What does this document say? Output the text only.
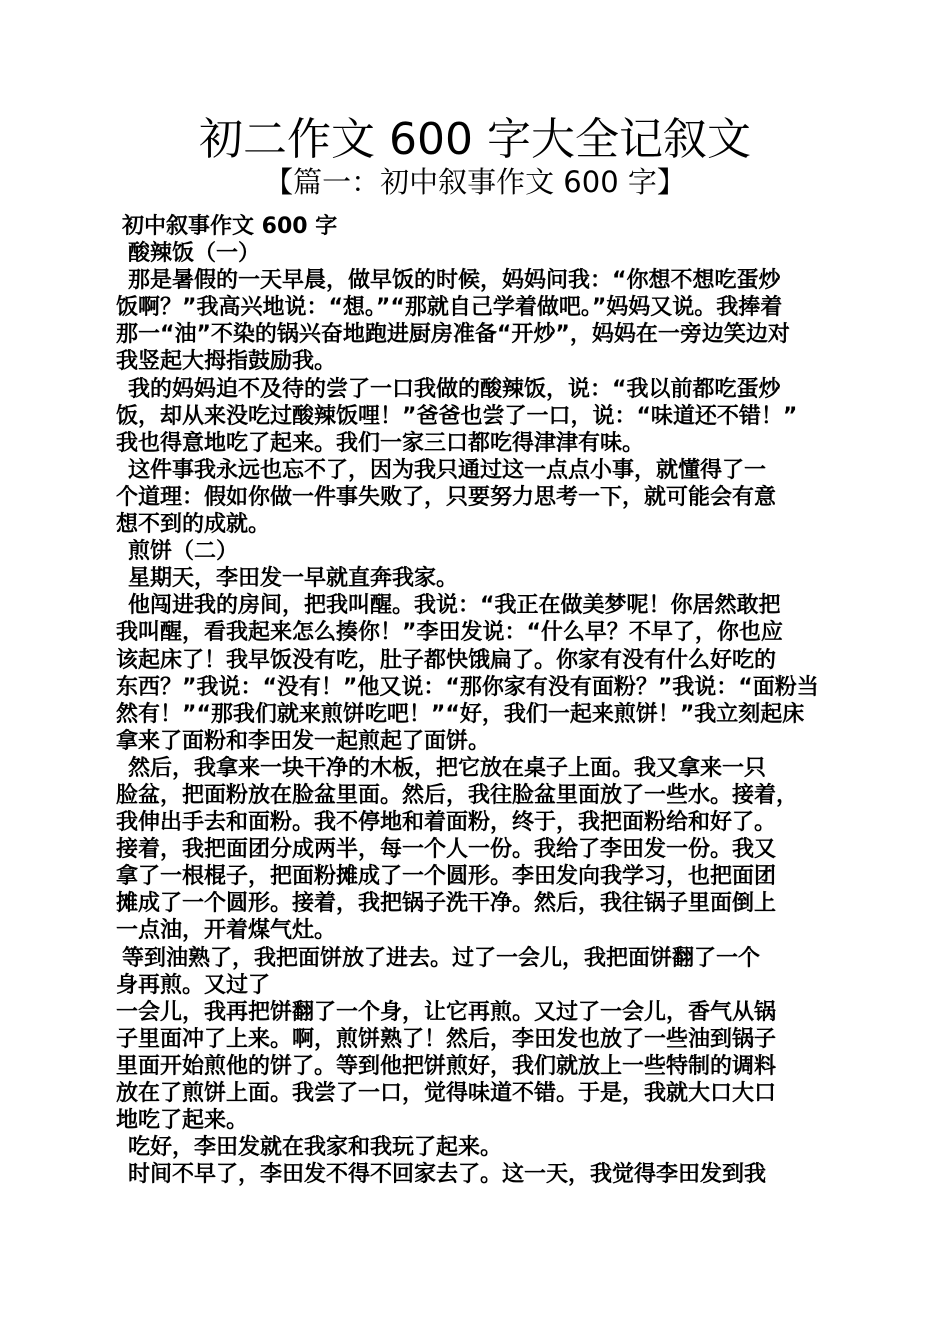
初二作文 600 字大全记叙文
【篇一：初中叙事作文 600 字】

初中叙事作文 600 字

酸辣饭（一）

那是暑假的一天早晨，做早饭的时候，妈妈问我：“你想不想吃蛋炒

饭啊？”我高兴地说：“想。”“那就自己学着做吧。”妈妈又说。我捧着

那一“油”不染的锅兴奋地跑进厨房准备“开炒”，妈妈在一旁边笑边对

我竖起大拇指鼓励我。

我的妈妈迫不及待的尝了一口我做的酸辣饭，说：“我以前都吃蛋炒

饭，却从来没吃过酸辣饭哩！”爸爸也尝了一口，说：“味道还不错！”

我也得意地吃了起来。我们一家三口都吃得津津有味。

这件事我永远也忘不了，因为我只通过这一点点小事，就懂得了一

个道理：假如你做一件事失败了，只要努力思考一下，就可能会有意

想不到的成就。

煎饼（二）

星期天，李田发一早就直奔我家。

他闯进我的房间，把我叫醒。我说：“我正在做美梦呢！你居然敢把

我叫醒，看我起来怎么揍你！”李田发说：“什么早？不早了，你也应

该起床了！我早饭没有吃，肚子都快饿扁了。你家有没有什么好吃的

东西？”我说：“没有！”他又说：“那你家有没有面粉？”我说：“面粉当

然有！”“那我们就来煎饼吃吧！”“好，我们一起来煎饼！”我立刻起床

拿来了面粉和李田发一起煎起了面饼。

然后，我拿来一块干净的木板，把它放在桌子上面。我又拿来一只

脸盆，把面粉放在脸盆里面。然后，我往脸盆里面放了一些水。接着，

我伸出手去和面粉。我不停地和着面粉，终于，我把面粉给和好了。

接着，我把面团分成两半，每一个人一份。我给了李田发一份。我又

拿了一根棍子，把面粉摊成了一个圆形。李田发向我学习，也把面团

摊成了一个圆形。接着，我把锅子洗干净。然后，我往锅子里面倒上

一点油，开着煤气灶。

等到油熟了，我把面饼放了进去。过了一会儿，我把面饼翻了一个

身再煎。又过了

一会儿，我再把饼翻了一个身，让它再煎。又过了一会儿，香气从锅

子里面冲了上来。啊，煎饼熟了！然后，李田发也放了一些油到锅子

里面开始煎他的饼了。等到他把饼煎好，我们就放上一些特制的调料

放在了煎饼上面。我尝了一口，觉得味道不错。于是，我就大口大口

地吃了起来。

吃好，李田发就在我家和我玩了起来。

时间不早了，李田发不得不回家去了。这一天，我觉得李田发到我
